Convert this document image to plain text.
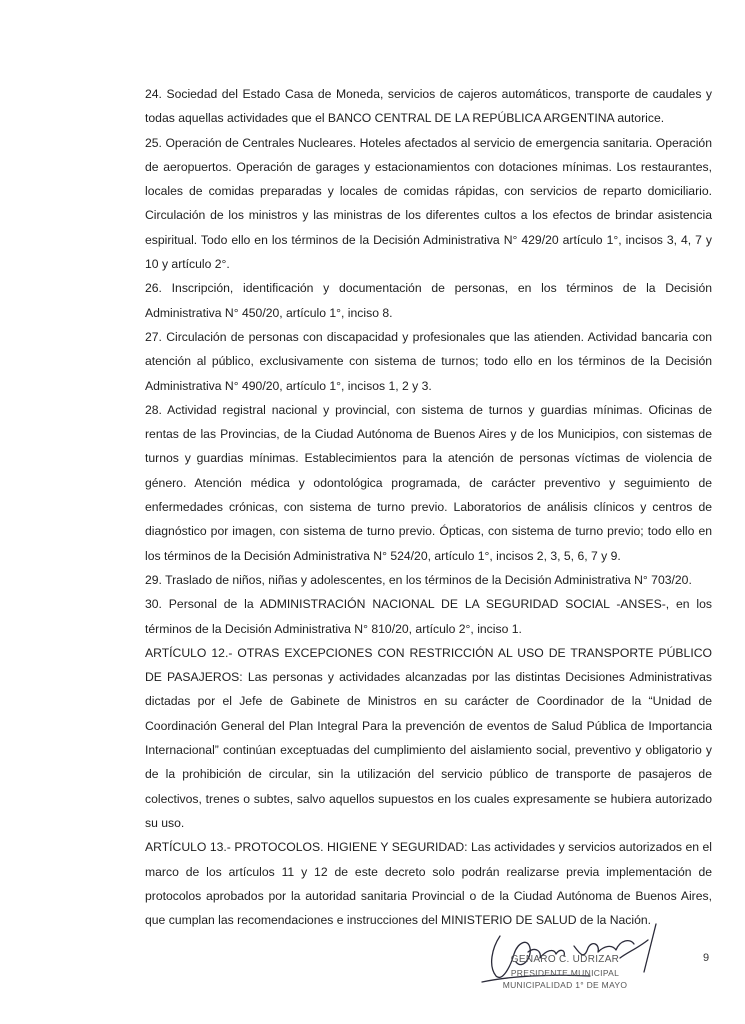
24. Sociedad del Estado Casa de Moneda, servicios de cajeros automáticos, transporte de caudales y todas aquellas actividades que el BANCO CENTRAL DE LA REPÚBLICA ARGENTINA autorice.

25. Operación de Centrales Nucleares. Hoteles afectados al servicio de emergencia sanitaria. Operación de aeropuertos. Operación de garages y estacionamientos con dotaciones mínimas. Los restaurantes, locales de comidas preparadas y locales de comidas rápidas, con servicios de reparto domiciliario. Circulación de los ministros y las ministras de los diferentes cultos a los efectos de brindar asistencia espiritual. Todo ello en los términos de la Decisión Administrativa N° 429/20 artículo 1°, incisos 3, 4, 7 y 10 y artículo 2°.

26. Inscripción, identificación y documentación de personas, en los términos de la Decisión Administrativa N° 450/20, artículo 1°, inciso 8.

27. Circulación de personas con discapacidad y profesionales que las atienden. Actividad bancaria con atención al público, exclusivamente con sistema de turnos; todo ello en los términos de la Decisión Administrativa N° 490/20, artículo 1°, incisos 1, 2 y 3.

28. Actividad registral nacional y provincial, con sistema de turnos y guardias mínimas. Oficinas de rentas de las Provincias, de la Ciudad Autónoma de Buenos Aires y de los Municipios, con sistemas de turnos y guardias mínimas. Establecimientos para la atención de personas víctimas de violencia de género. Atención médica y odontológica programada, de carácter preventivo y seguimiento de enfermedades crónicas, con sistema de turno previo. Laboratorios de análisis clínicos y centros de diagnóstico por imagen, con sistema de turno previo. Ópticas, con sistema de turno previo; todo ello en los términos de la Decisión Administrativa N° 524/20, artículo 1°, incisos 2, 3, 5, 6, 7 y 9.

29. Traslado de niños, niñas y adolescentes, en los términos de la Decisión Administrativa N° 703/20.

30. Personal de la ADMINISTRACIÓN NACIONAL DE LA SEGURIDAD SOCIAL -ANSES-, en los términos de la Decisión Administrativa N° 810/20, artículo 2°, inciso 1.

ARTÍCULO 12.- OTRAS EXCEPCIONES CON RESTRICCIÓN AL USO DE TRANSPORTE PÚBLICO DE PASAJEROS: Las personas y actividades alcanzadas por las distintas Decisiones Administrativas dictadas por el Jefe de Gabinete de Ministros en su carácter de Coordinador de la “Unidad de Coordinación General del Plan Integral Para la prevención de eventos de Salud Pública de Importancia Internacional” continúan exceptuadas del cumplimiento del aislamiento social, preventivo y obligatorio y de la prohibición de circular, sin la utilización del servicio público de transporte de pasajeros de colectivos, trenes o subtes, salvo aquellos supuestos en los cuales expresamente se hubiera autorizado su uso.

ARTÍCULO 13.- PROTOCOLOS. HIGIENE Y SEGURIDAD: Las actividades y servicios autorizados en el marco de los artículos 11 y 12 de este decreto solo podrán realizarse previa implementación de protocolos aprobados por la autoridad sanitaria Provincial o de la Ciudad Autónoma de Buenos Aires, que cumplan las recomendaciones e instrucciones del MINISTERIO DE SALUD de la Nación.

GENARO C. UDRIZAR
PRESIDENTE MUNICIPAL
MUNICIPALIDAD 1° DE MAYO
9
